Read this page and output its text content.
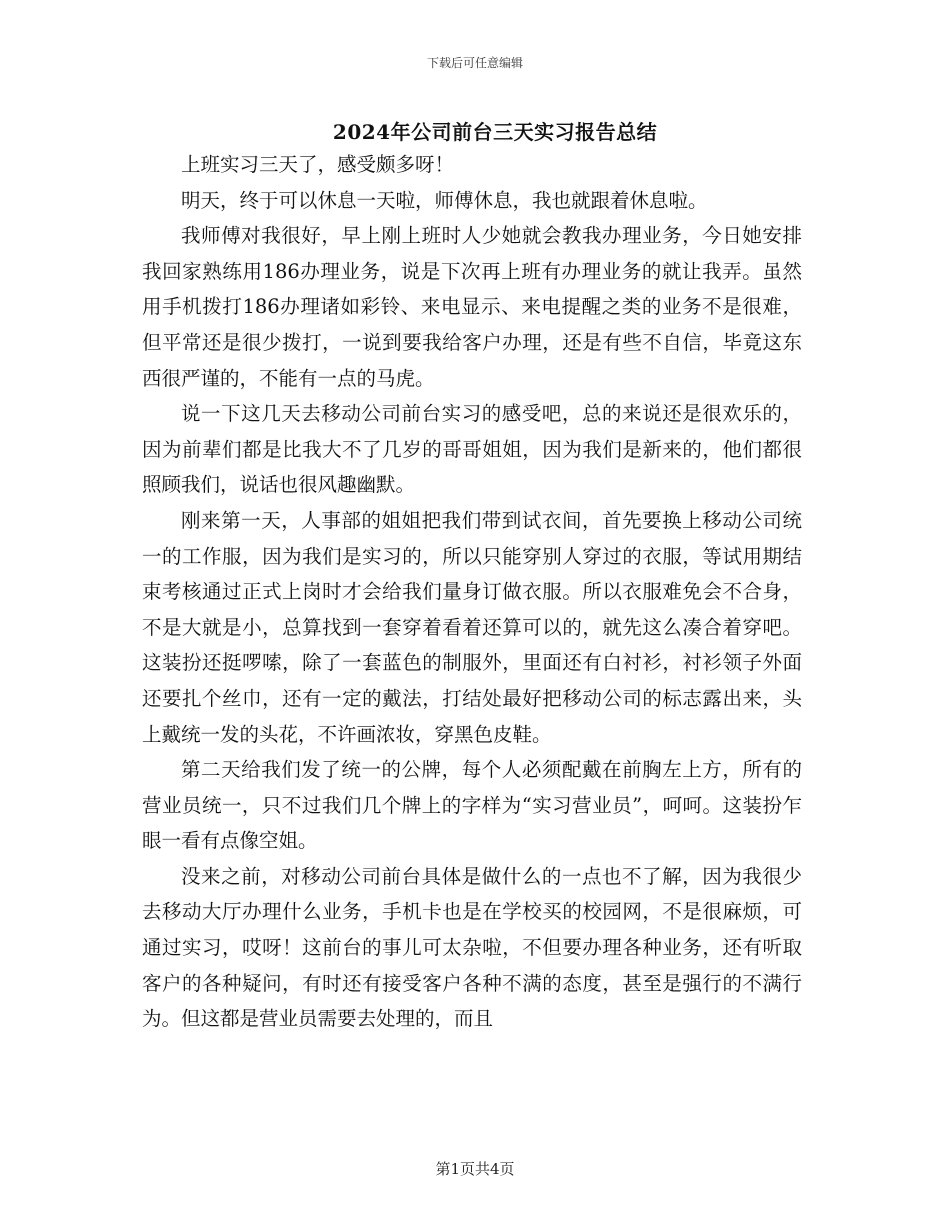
下载后可任意编辑
2024年公司前台三天实习报告总结

上班实习三天了，感受颇多呀！

明天，终于可以休息一天啦，师傅休息，我也就跟着休息啦。

我师傅对我很好，早上刚上班时人少她就会教我办理业务，今日她安排我回家熟练用186办理业务，说是下次再上班有办理业务的就让我弄。虽然用手机拨打186办理诸如彩铃、来电显示、来电提醒之类的业务不是很难，但平常还是很少拨打，一说到要我给客户办理，还是有些不自信，毕竟这东西很严谨的，不能有一点的马虎。

说一下这几天去移动公司前台实习的感受吧，总的来说还是很欢乐的，因为前辈们都是比我大不了几岁的哥哥姐姐，因为我们是新来的，他们都很照顾我们，说话也很风趣幽默。

刚来第一天，人事部的姐姐把我们带到试衣间，首先要换上移动公司统一的工作服，因为我们是实习的，所以只能穿别人穿过的衣服，等试用期结束考核通过正式上岗时才会给我们量身订做衣服。所以衣服难免会不合身，不是大就是小，总算找到一套穿着看着还算可以的，就先这么凑合着穿吧。这装扮还挺啰嗦，除了一套蓝色的制服外，里面还有白衬衫，衬衫领子外面还要扎个丝巾，还有一定的戴法，打结处最好把移动公司的标志露出来，头上戴统一发的头花，不许画浓妆，穿黑色皮鞋。

第二天给我们发了统一的公牌，每个人必须配戴在前胸左上方，所有的营业员统一，只不过我们几个牌上的字样为“实习营业员”，呵呵。这装扮乍眼一看有点像空姐。

没来之前，对移动公司前台具体是做什么的一点也不了解，因为我很少去移动大厅办理什么业务，手机卡也是在学校买的校园网，不是很麻烦，可通过实习，哎呀！这前台的事儿可太杂啦，不但要办理各种业务，还有听取客户的各种疑问，有时还有接受客户各种不满的态度，甚至是强行的不满行为。但这都是营业员需要去处理的，而且

第1页共4页
